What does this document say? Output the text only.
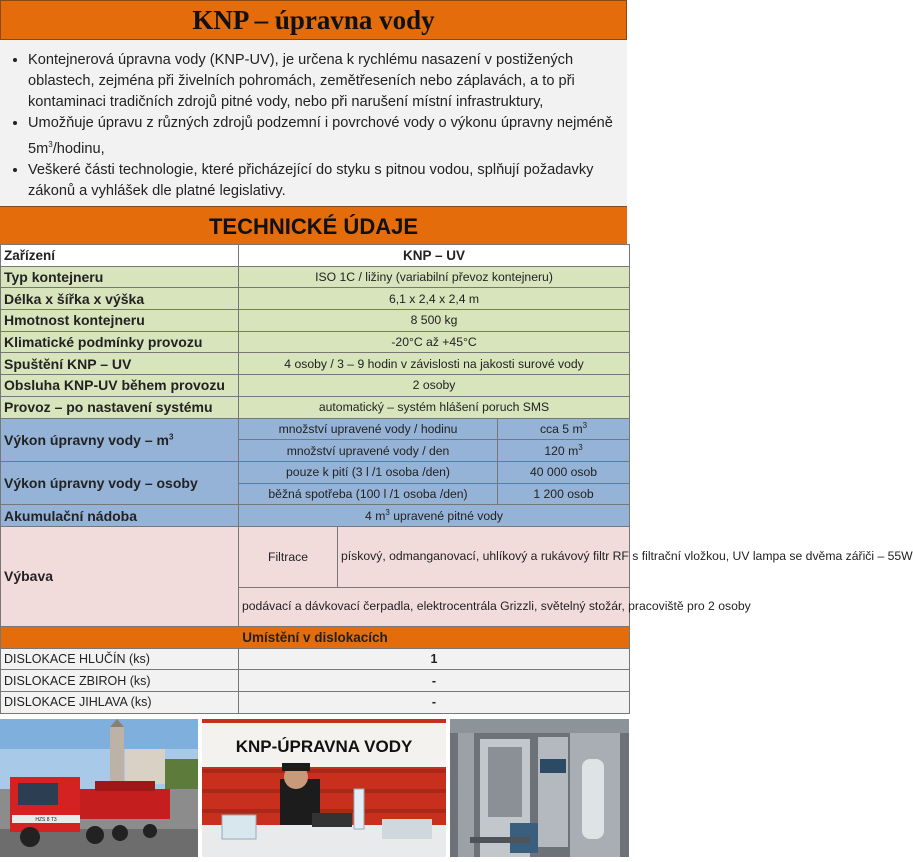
KNP – úpravna vody
• Kontejnerová úpravna vody (KNP-UV), je určena k rychlému nasazení v postižených oblastech, zejména při živelních pohromách, zemětřeseních nebo záplavách, a to při kontaminaci tradičních zdrojů pitné vody, nebo při narušení místní infrastruktury,
• Umožňuje úpravu z různých zdrojů podzemní i povrchové vody o výkonu úpravny nejméně $5m^3$/hodinu,
• Veškeré části technologie, které přicházející do styku s pitnou vodou, splňují požadavky zákonů a vyhlášek dle platné legislativy.
TECHNICKÉ ÚDAJE
Zařízení	KNP – UV		
Typ kontejneru	ISO 1C / ližiny (variabilní převoz kontejneru)		
Délka x šířka x výška	6,1 x 2,4 x 2,4 m		
Hmotnost kontejneru	8 500 kg		
Klimatické podmínky provozu	-20°C až +45°C		
Spuštění KNP – UV	4 osoby / 3 – 9 hodin v závislosti na jakosti surové vody		
Obsluha KNP-UV během provozu	2 osoby		
Provoz – po nastavení systému	automatický – systém hlášení poruch SMS		
Výkon úpravny vody – $m^3$	množství upravené vody / hodinu		cca 5 $m^3$
	množství upravené vody / den		120 $m^3$
Výkon úpravny vody – osoby	pouze k pití (3 l /1 osoba /den)		40 000 osob
	běžná spotřeba (100 l /1 osoba /den)		1 200 osob
Akumulační nádoba	4 $m^3$ upravené pitné vody		
Výbava	Filtrace	pískový, odmanganovací, uhlíkový a rukávový filtr RF s filtrační vložkou, UV lampa se dvěma zářiči – 55W	
	podávací a dávkovací čerpadla, elektrocentrála Grizzli, světelný stožár, pracoviště pro 2 osoby		
Umístění v dislokacích			
DISLOKACE HLUČÍN (ks)	1		
DISLOKACE ZBIROH (ks)	-		
DISLOKACE JIHLAVA (ks)	-		
HZS 8 T3
KNP-ÚPRAVNA VODY
